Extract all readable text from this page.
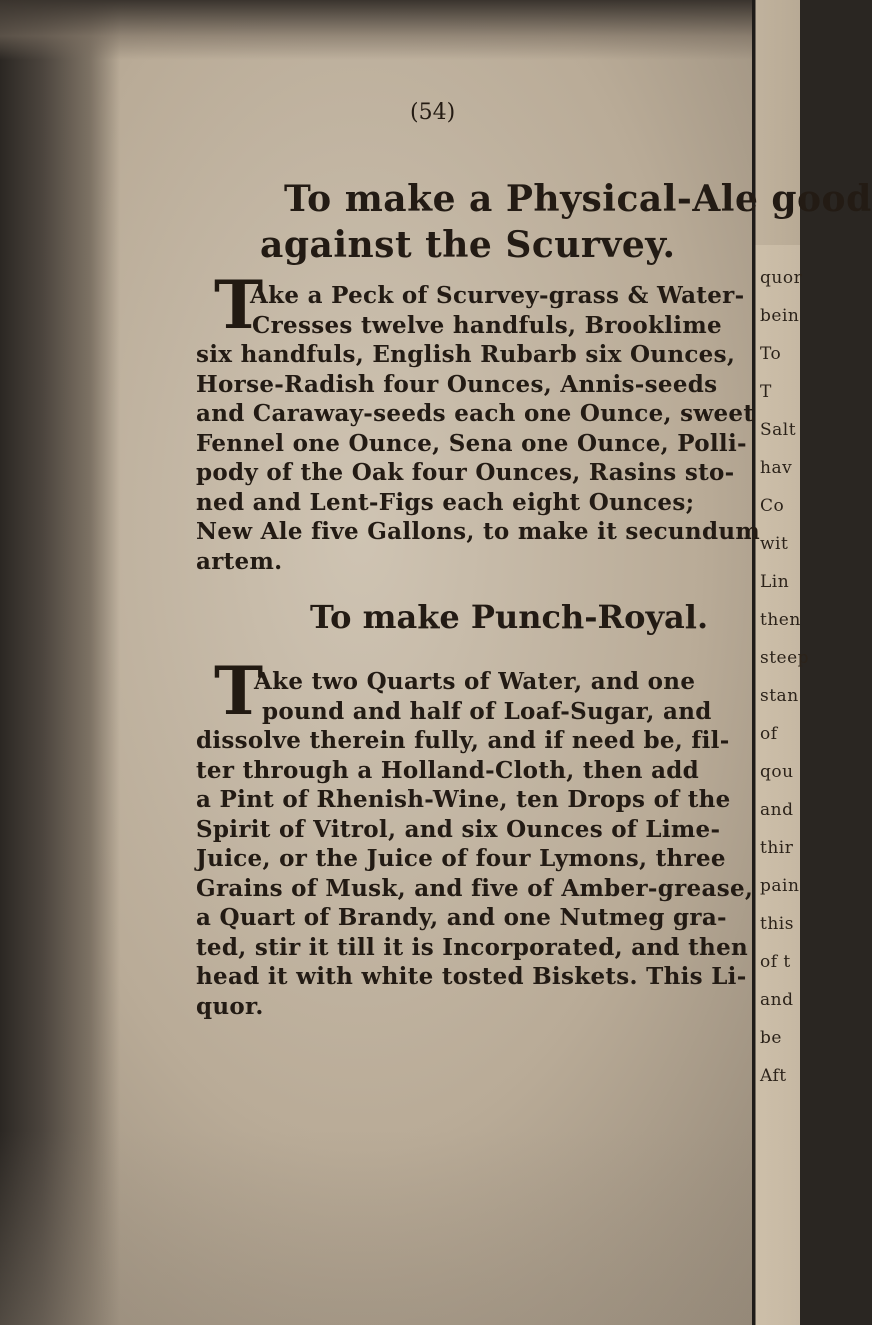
quor
bein
To
T
Salt
hav
Co
wit
Lin
then
steep
stan
of
qou
and
thir
pain
this
of t
and
be
Aft
(54)
To make a Physical-Ale good
against the Scurvey.
T
Ake a Peck of Scurvey-grass & Water-
Cresses twelve handfuls, Brooklime
six handfuls, English Rubarb six Ounces,
Horse-Radish four Ounces, Annis-seeds
and Caraway-seeds each one Ounce, sweet
Fennel one Ounce, Sena one Ounce, Polli-
pody of the Oak four Ounces, Rasins sto-
ned and Lent-Figs each eight Ounces;
New Ale five Gallons, to make it secundum
artem.
To make Punch-Royal.
T
Ake two Quarts of Water, and one
pound and half of Loaf-Sugar, and
dissolve therein fully, and if need be, fil-
ter through a Holland-Cloth, then add
a Pint of Rhenish-Wine, ten Drops of the
Spirit of Vitrol, and six Ounces of Lime-
Juice, or the Juice of four Lymons, three
Grains of Musk, and five of Amber-grease,
a Quart of Brandy, and one Nutmeg gra-
ted, stir it till it is Incorporated, and then
head it with white tosted Biskets. This Li-
quor.
